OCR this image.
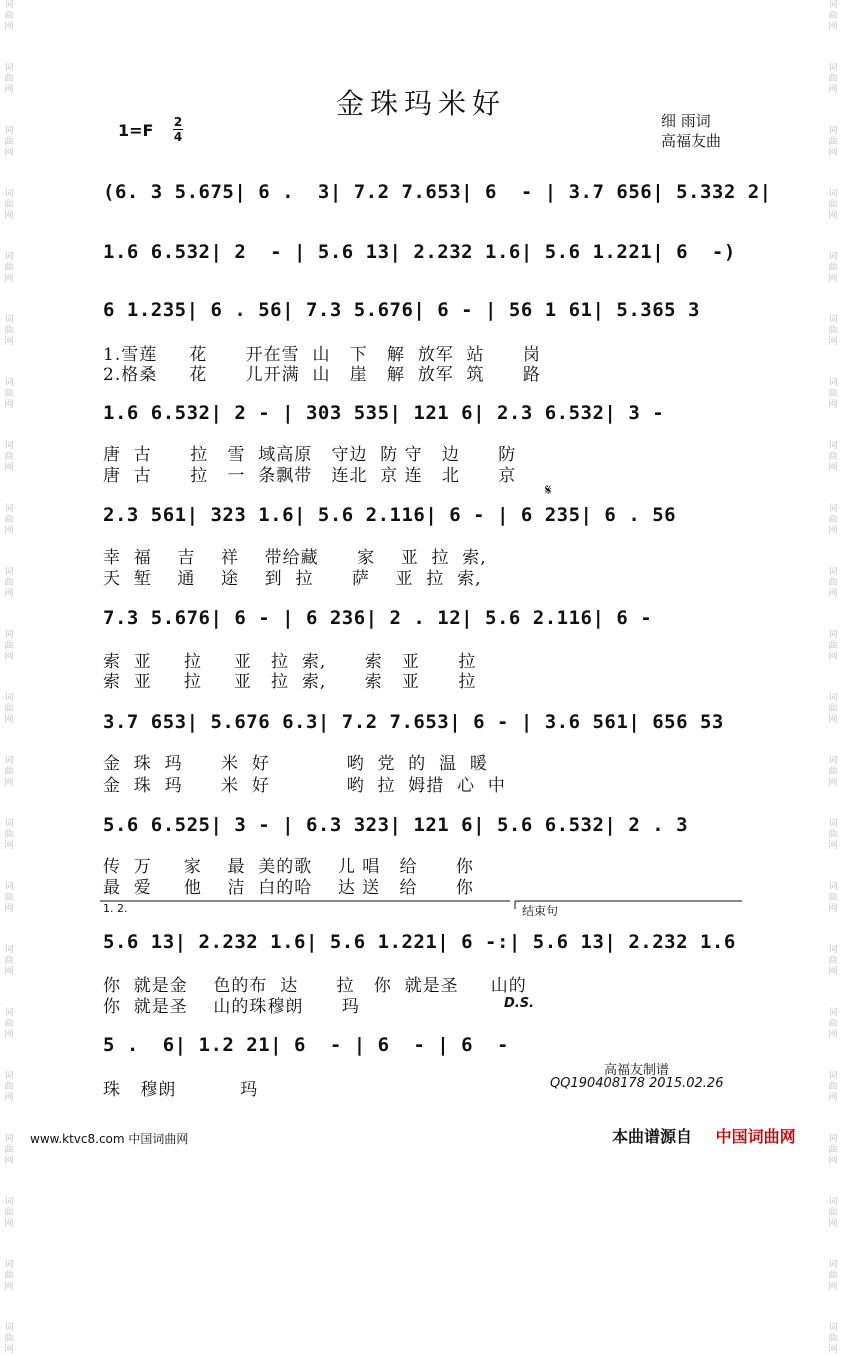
词曲网
词曲网
词曲网
词曲网
词曲网
词曲网
词曲网
词曲网
词曲网
词曲网
词曲网
词曲网
词曲网
词曲网
词曲网
词曲网
词曲网
词曲网
词曲网
词曲网
词曲网
词曲网
词曲网
词曲网
词曲网
词曲网
词曲网
词曲网
词曲网
词曲网
词曲网
词曲网
词曲网
词曲网
词曲网
词曲网
词曲网
词曲网
词曲网
词曲网
词曲网
词曲网
词曲网
词曲网
金珠玛米好
1=F 2
4
细 雨词
高福友曲
(6. 3 5.675| 6 .  3| 7.2 7.653| 6  - | 3.7 656| 5.332 2|
1.6 6.532| 2  - | 5.6 13| 2.232 1.6| 5.6 1.221| 6  -)
6 1.235| 6 . 56| 7.3 5.676| 6 - | 56 1 61| 5.365 3
1.雪莲     花      开在雪  山   下   解  放军  站      岗
2.格桑     花      儿开满  山   崖   解  放军  筑      路
1.6 6.532| 2 - | 303 535| 121 6| 2.3 6.532| 3 -
唐  古      拉   雪  域高原   守边  防 守   边      防
唐  古      拉   一  条飘带   连北  京 连   北      京
𝄋
2.3 561| 323 1.6| 5.6 2.116| 6 - | 6 235| 6 . 56
幸  福    吉    祥    带给藏      家    亚  拉  索,
天  堑    通    途    到  拉      萨    亚  拉  索,
7.3 5.676| 6 - | 6 236| 2 . 12| 5.6 2.116| 6 -
索  亚     拉     亚   拉  索,      索   亚      拉
索  亚     拉     亚   拉  索,      索   亚      拉
3.7 653| 5.676 6.3| 7.2 7.653| 6 - | 3.6 561| 656 53
金  珠  玛      米  好            哟  党  的  温  暖
金  珠  玛      米  好            哟  拉  姆措  心  中
5.6 6.525| 3 - | 6.3 323| 121 6| 5.6 6.532| 2 . 3
传  万     家    最  美的歌    儿 唱   给      你
最  爱     他    洁  白的哈    达 送   给      你
1. 2.	结束句
5.6 13| 2.232 1.6| 5.6 1.221| 6 -:| 5.6 13| 2.232 1.6
你  就是金    色的布  达      拉   你  就是圣     山的
你  就是圣    山的珠穆朗      玛	D.S.
5 .  6| 1.2 21| 6  - | 6  - | 6  -
珠   穆朗          玛
高福友制谱
QQ190408178 2015.02.26
www.ktvc8.com 中国词曲网	本曲谱源自 中国词曲网
